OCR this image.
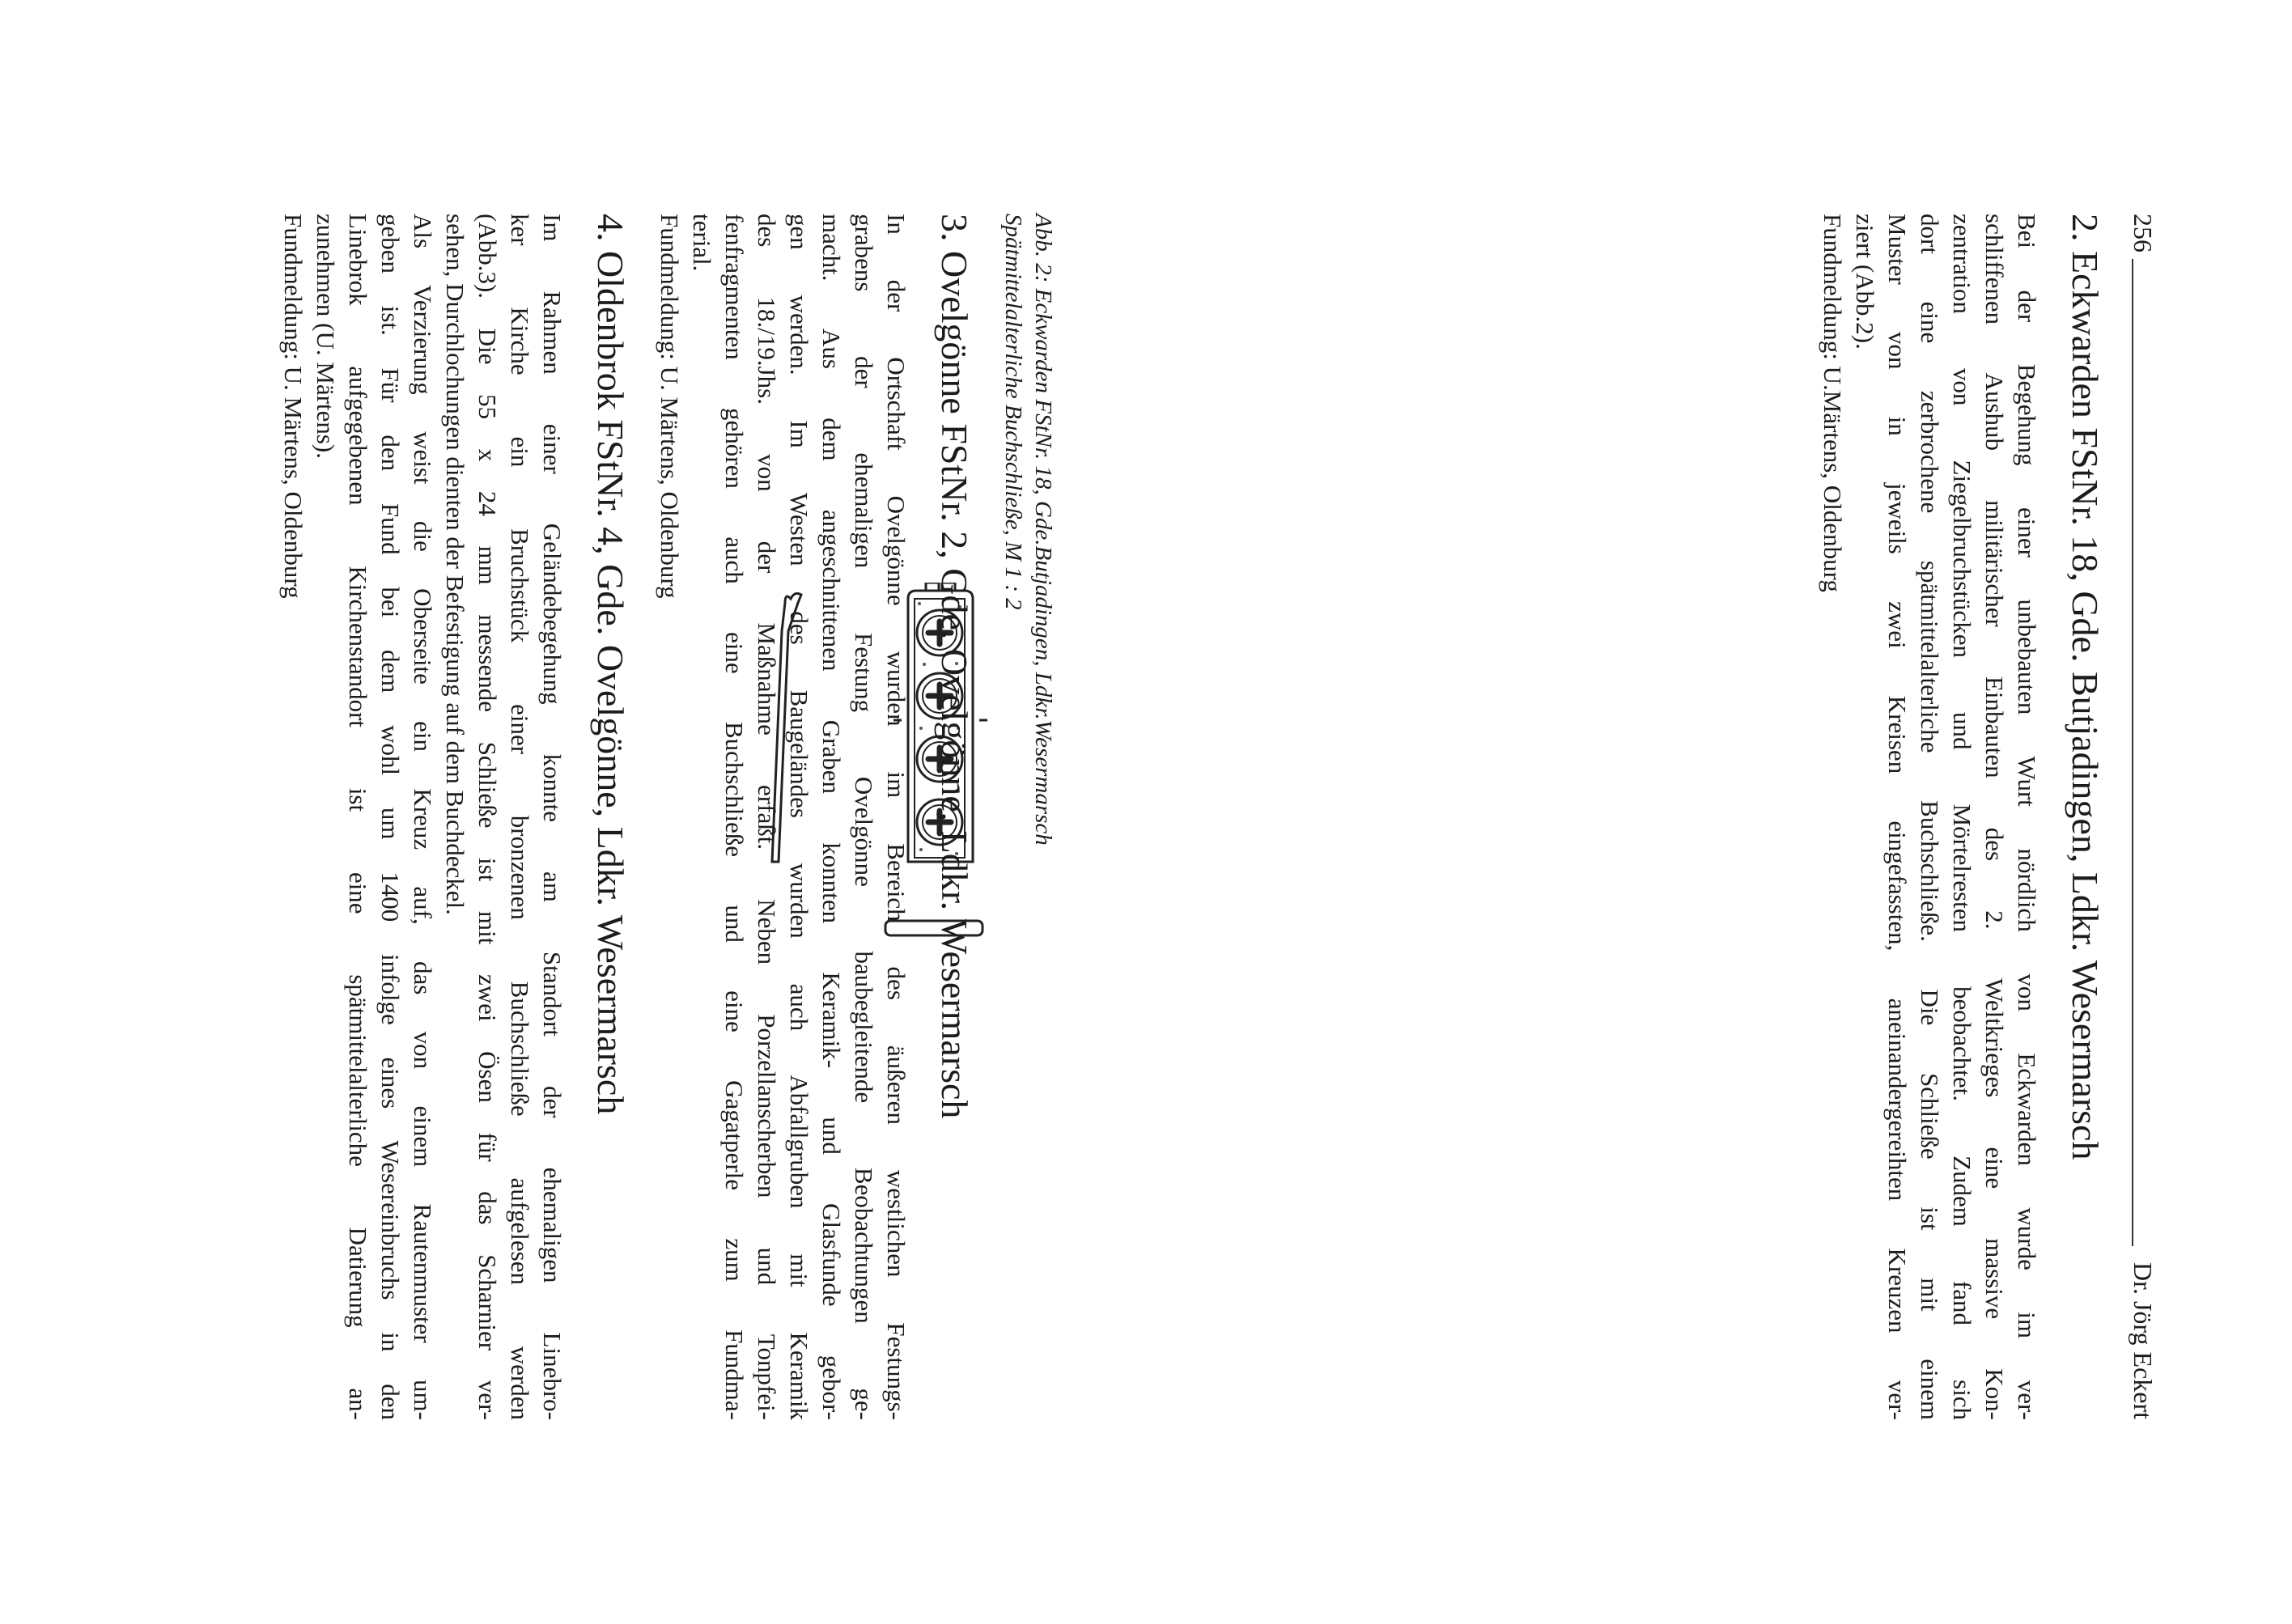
256
Dr. Jörg Eckert
2. Eckwarden FStNr. 18, Gde. Butjadingen, Ldkr. Wesermarsch
Bei der Begehung einer unbebauten Wurt nördlich von Eckwarden wurde im ver-
schliffenen Aushub militärischer Einbauten des 2. Weltkrieges eine massive Kon-
zentration von Ziegelbruchstücken und Mörtelresten beobachtet. Zudem fand sich
dort eine zerbrochene spätmittelalterliche Buchschließe. Die Schließe ist mit einem
Muster von in jeweils zwei Kreisen eingefassten, aneinandergereihten Kreuzen ver-
ziert (Abb.2).
Fundmeldung: U.Märtens, Oldenburg
Abb. 2: Eckwarden FStNr. 18, Gde.Butjadingen, Ldkr.Wesermarsch
Spätmittelalterliche Buchschließe, M 1 : 2
3. Ovelgönne FStNr. 2, Gde. Ovelgönne, Ldkr. Wesermarsch
In der Ortschaft Ovelgönne wurden im Bereich des äußeren westlichen Festungs-
grabens der ehemaligen Festung Ovelgönne baubegleitende Beobachtungen ge-
macht. Aus dem angeschnittenen Graben konnten Keramik- und Glasfunde gebor-
gen werden. Im Westen des Baugeländes wurden auch Abfallgruben mit Keramik
des 18./19.Jhs. von der Maßnahme erfaßt. Neben Porzellanscherben und Tonpfei-
fenfragmenten gehören auch eine Buchschließe und eine Gagatperle zum Fundma-
terial.
Fundmeldung: U. Märtens, Oldenburg
4. Oldenbrok FStNr. 4, Gde. Ovelgönne, Ldkr. Wesermarsch
Im Rahmen einer Geländebegehung konnte am Standort der ehemaligen Linebro-
ker Kirche ein Bruchstück einer bronzenen Buchschließe aufgelesen werden
(Abb.3). Die 55 x 24 mm messende Schließe ist mit zwei Ösen für das Scharnier ver-
sehen, Durchlochungen dienten der Befestigung auf dem Buchdeckel.
Als Verzierung weist die Oberseite ein Kreuz auf, das von einem Rautenmuster um-
geben ist. Für den Fund bei dem wohl um 1400 infolge eines Wesereinbruchs in den
Linebrok aufgegebenen Kirchenstandort ist eine spätmittelalterliche Datierung an-
zunehmen (U. Märtens).
Fundmeldung: U. Märtens, Oldenburg
